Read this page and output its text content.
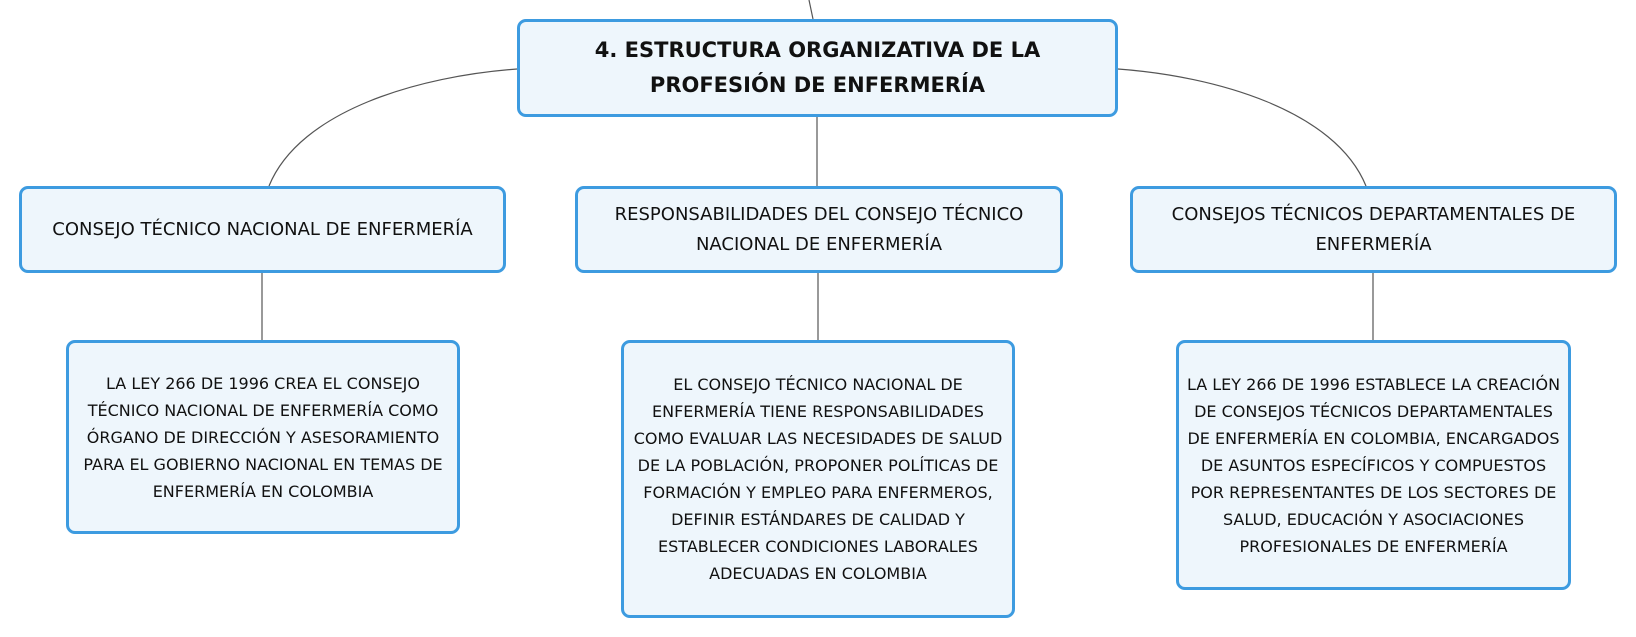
4. ESTRUCTURA ORGANIZATIVA DE LA PROFESIÓN DE ENFERMERÍA
CONSEJO TÉCNICO NACIONAL DE ENFERMERÍA
RESPONSABILIDADES DEL CONSEJO TÉCNICO NACIONAL DE ENFERMERÍA
CONSEJOS TÉCNICOS DEPARTAMENTALES DE ENFERMERÍA
LA LEY 266 DE 1996 CREA EL CONSEJO TÉCNICO NACIONAL DE ENFERMERÍA COMO ÓRGANO DE DIRECCIÓN Y ASESORAMIENTO PARA EL GOBIERNO NACIONAL EN TEMAS DE ENFERMERÍA EN COLOMBIA
EL CONSEJO TÉCNICO NACIONAL DE ENFERMERÍA TIENE RESPONSABILIDADES COMO EVALUAR LAS NECESIDADES DE SALUD DE LA POBLACIÓN, PROPONER POLÍTICAS DE FORMACIÓN Y EMPLEO PARA ENFERMEROS, DEFINIR ESTÁNDARES DE CALIDAD Y ESTABLECER CONDICIONES LABORALES ADECUADAS EN COLOMBIA
LA LEY 266 DE 1996 ESTABLECE LA CREACIÓN DE CONSEJOS TÉCNICOS DEPARTAMENTALES DE ENFERMERÍA EN COLOMBIA, ENCARGADOS DE ASUNTOS ESPECÍFICOS Y COMPUESTOS POR REPRESENTANTES DE LOS SECTORES DE SALUD, EDUCACIÓN Y ASOCIACIONES PROFESIONALES DE ENFERMERÍA
